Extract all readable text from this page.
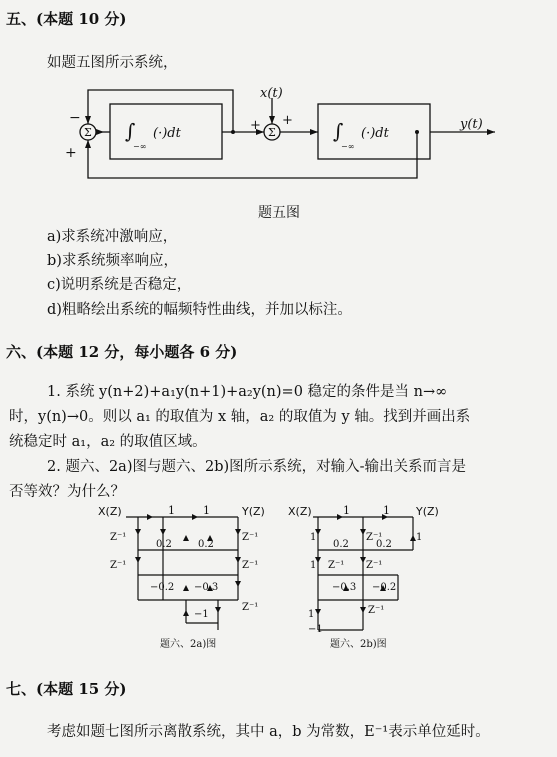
五、(本题 10 分)
如题五图所示系统，
Σ	Σ
−
+
+ +
x(t)
y(t)
∫
−∞
(·)dt	∫
−∞
(·)dt
题五图
a)求系统冲激响应，
b)求系统频率响应，
c)说明系统是否稳定，
d)粗略绘出系统的幅频特性曲线，并加以标注。
六、(本题 12 分，每小题各 6 分)
1. 系统 y(n+2)+a₁y(n+1)+a₂y(n)=0 稳定的条件是当 n→∞
时，y(n)→0。则以 a₁ 的取值为 x 轴，a₂ 的取值为 y 轴。找到并画出系
统稳定时 a₁，a₂ 的取值区域。
2. 题六、2a)图与题六、2b)图所示系统，对输入-输出关系而言是
否等效？为什么？
X(Z)	Y(Z)
1	1
Z⁻¹
Z⁻¹
Z⁻¹
Z⁻¹
Z⁻¹
0.2	0.2
−0.2 −0.3
−1
题六、2a)图
X(Z)	Y(Z)
1	1
1
1
1
1
Z⁻¹
Z⁻¹
Z⁻¹
Z⁻¹
0.2	0.2
−0.3 −0.2
−1
题六、2b)图
七、(本题 15 分)
考虑如题七图所示离散系统，其中 a，b 为常数，E⁻¹表示单位延时。
